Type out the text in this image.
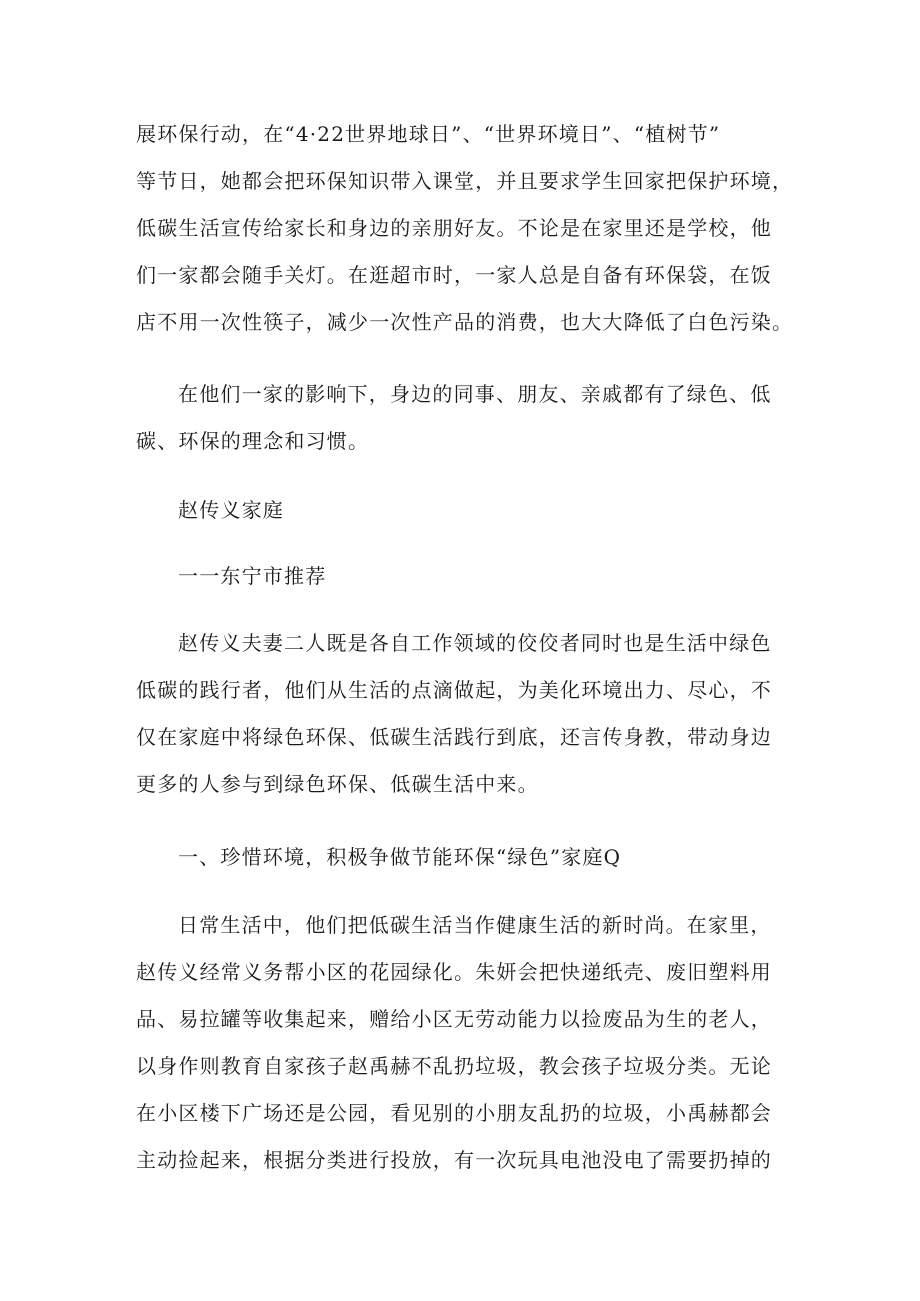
展环保行动，在“4·22世界地球日”、“世界环境日”、“植树节”
等节日，她都会把环保知识带入课堂，并且要求学生回家把保护环境，
低碳生活宣传给家长和身边的亲朋好友。不论是在家里还是学校，他
们一家都会随手关灯。在逛超市时，一家人总是自备有环保袋，在饭
店不用一次性筷子，减少一次性产品的消费，也大大降低了白色污染。
在他们一家的影响下，身边的同事、朋友、亲戚都有了绿色、低
碳、环保的理念和习惯。
赵传义家庭
一一东宁市推荐
赵传义夫妻二人既是各自工作领域的佼佼者同时也是生活中绿色
低碳的践行者，他们从生活的点滴做起，为美化环境出力、尽心，不
仅在家庭中将绿色环保、低碳生活践行到底，还言传身教，带动身边
更多的人参与到绿色环保、低碳生活中来。
一、珍惜环境，积极争做节能环保“绿色”家庭Q
日常生活中，他们把低碳生活当作健康生活的新时尚。在家里，
赵传义经常义务帮小区的花园绿化。朱妍会把快递纸壳、废旧塑料用
品、易拉罐等收集起来，赠给小区无劳动能力以捡废品为生的老人，
以身作则教育自家孩子赵禹赫不乱扔垃圾，教会孩子垃圾分类。无论
在小区楼下广场还是公园，看见别的小朋友乱扔的垃圾，小禹赫都会
主动捡起来，根据分类进行投放，有一次玩具电池没电了需要扔掉的
